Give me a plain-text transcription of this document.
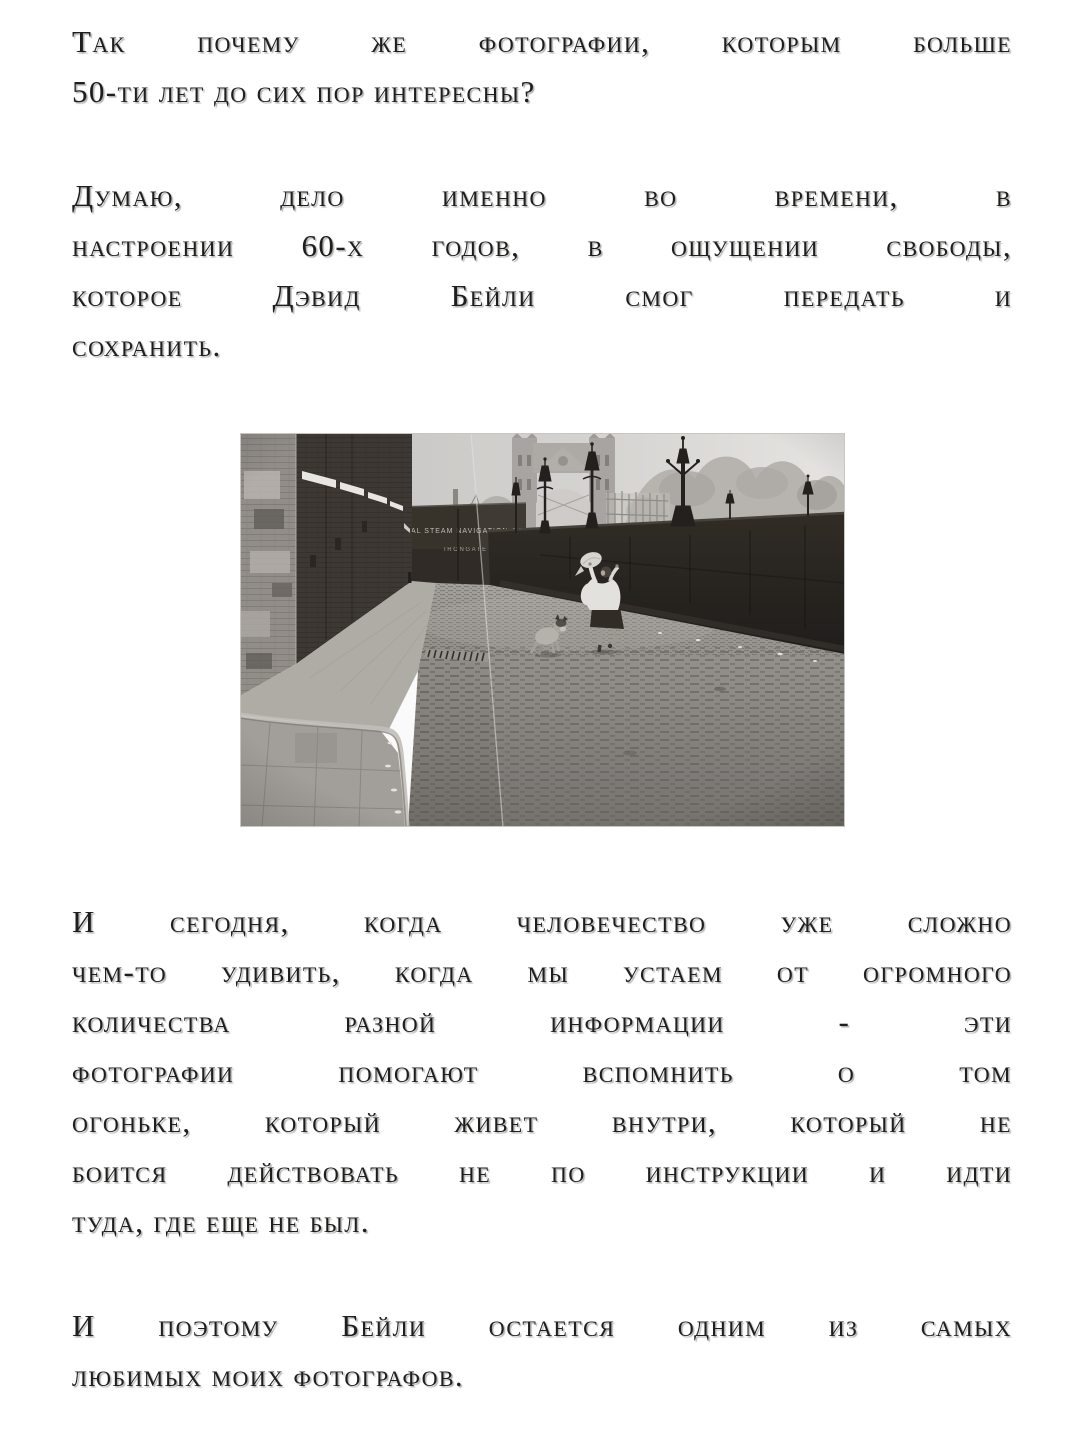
Так почему же фотографии, которым больше
50-ти лет до сих пор интересны?

Думаю, дело именно во времени, в
настроении 60-х годов, в ощущении свободы,
которое Дэвид Бейли смог передать и
сохранить.

И сегодня, когда человечество уже сложно
чем-то удивить, когда мы устаем от огромного
количества разной информации - эти
фотографии помогают вспомнить о том
огоньке, который живет внутри, который не
боится действовать не по инструкции и идти
туда, где еще не был.

И поэтому Бейли остается одним из самых
любимых моих фотографов.
